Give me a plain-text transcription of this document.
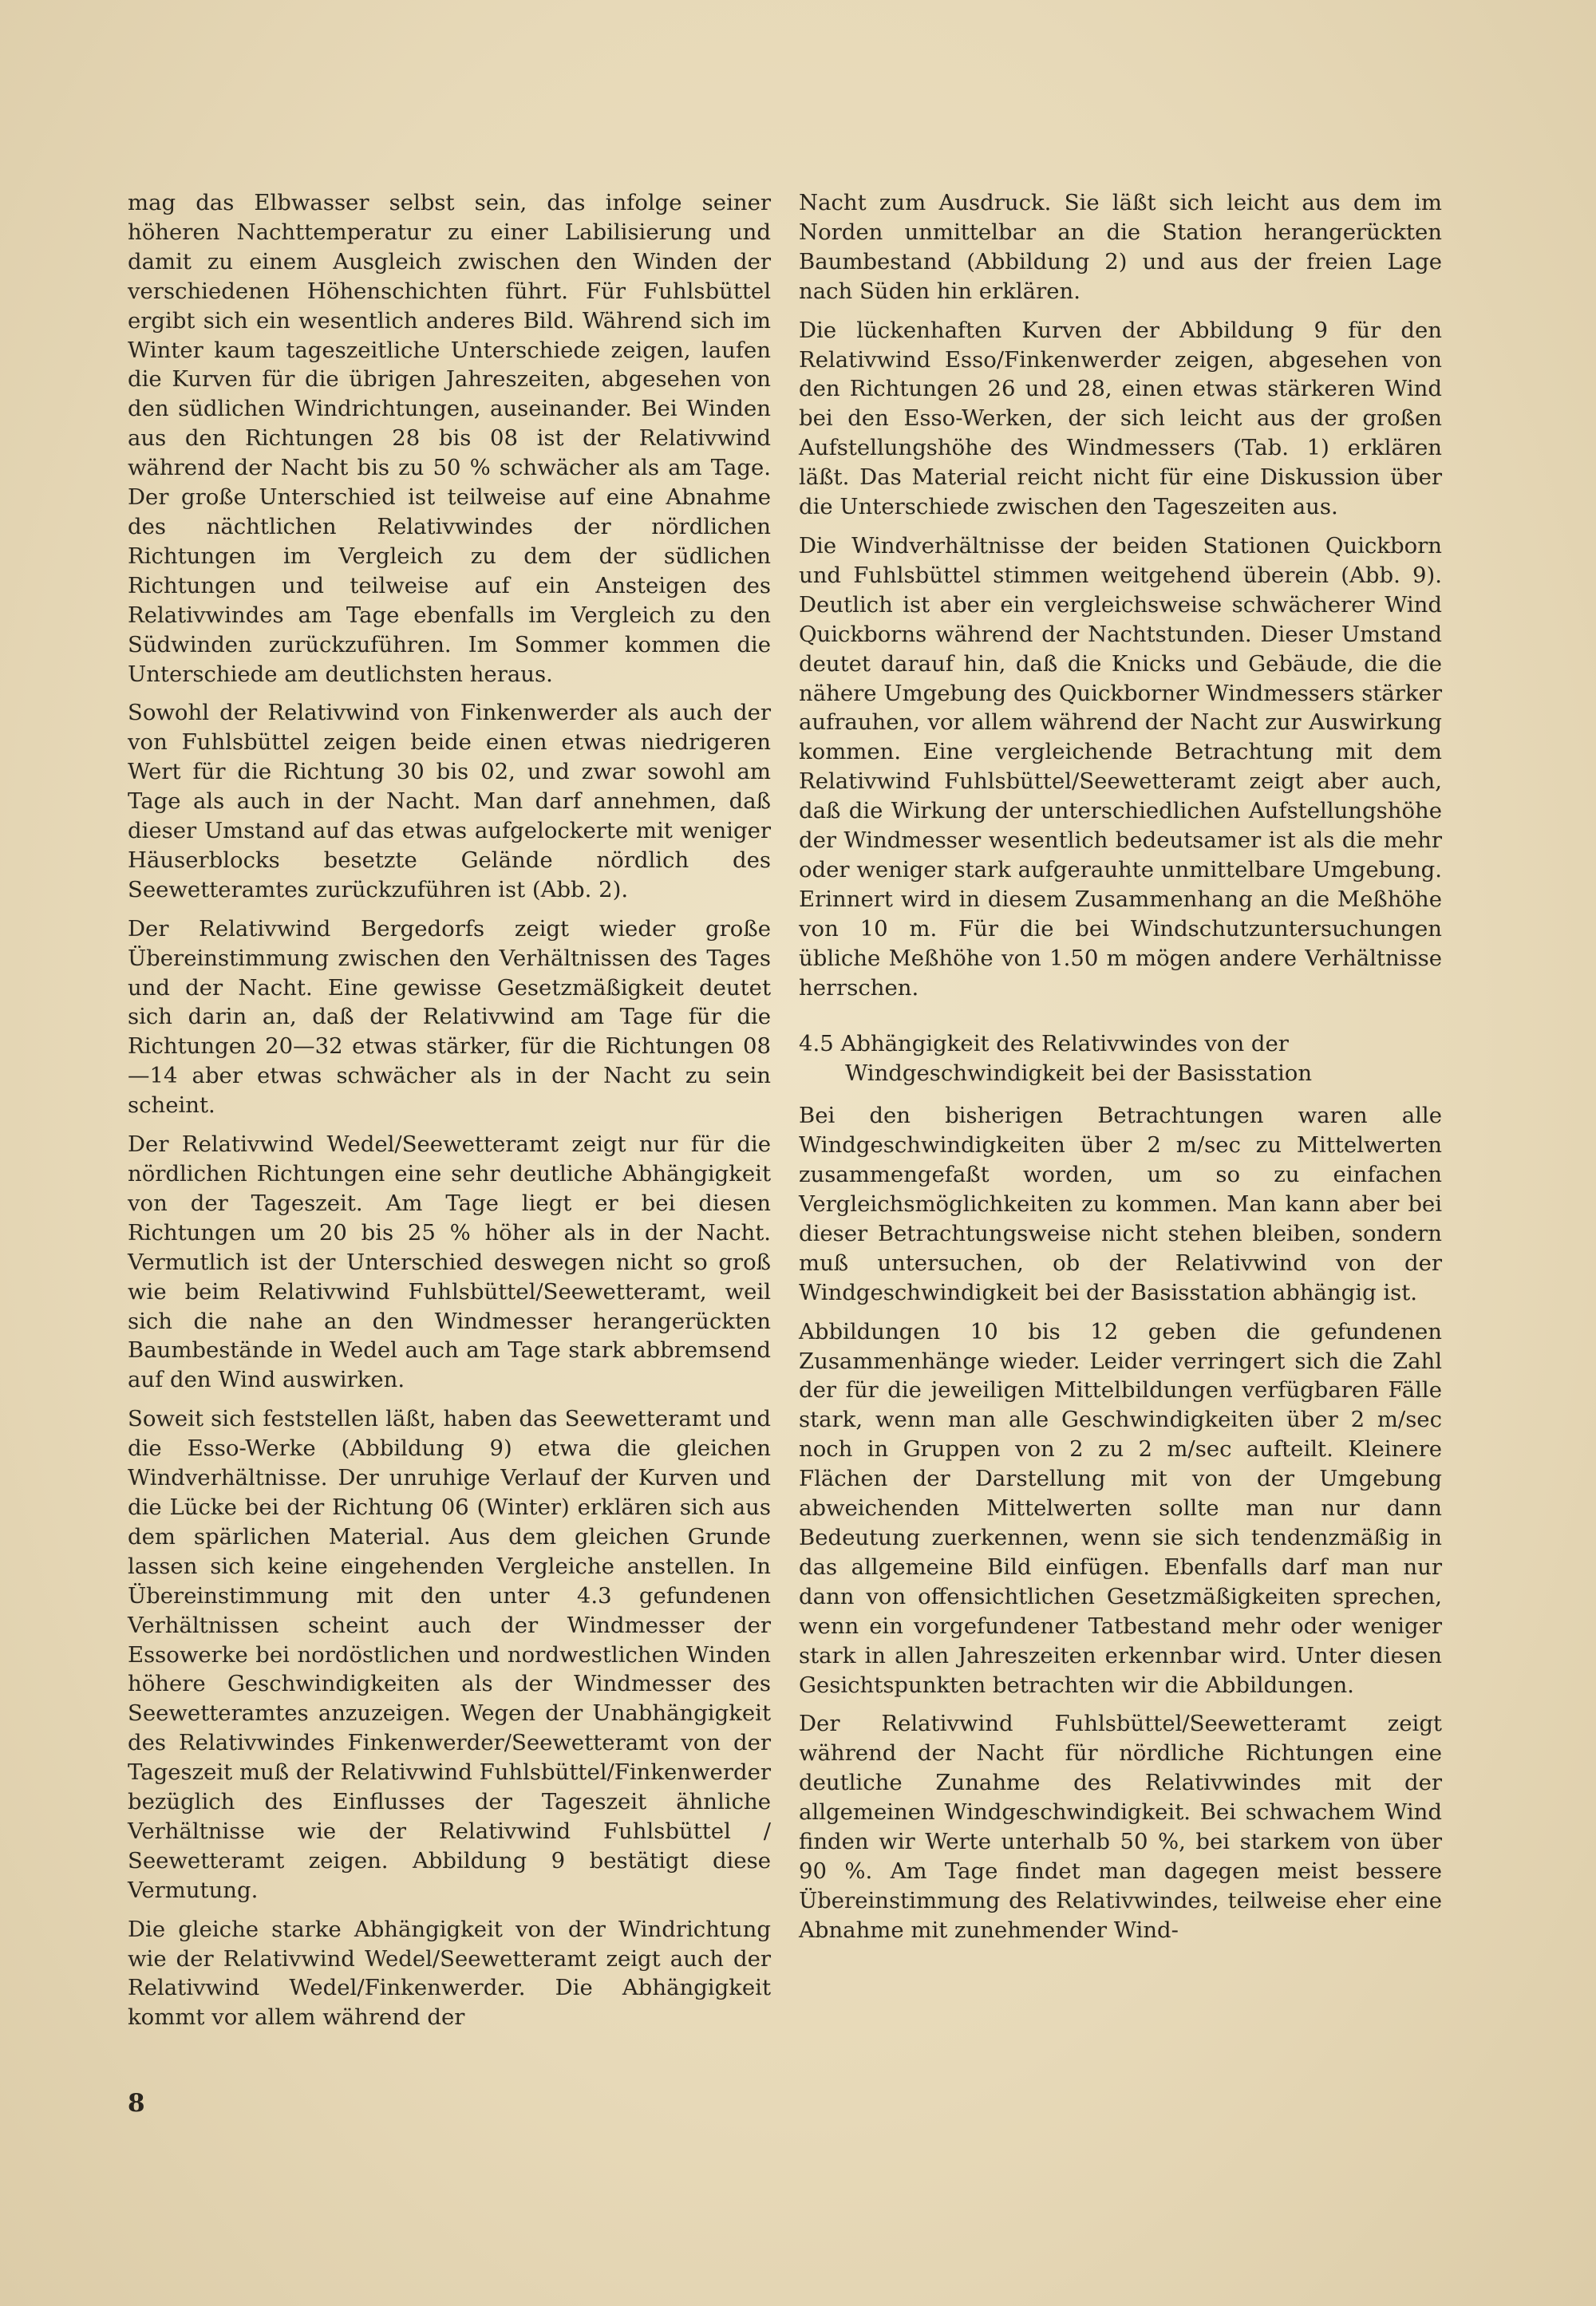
mag das Elbwasser selbst sein, das infolge seiner höheren Nachttemperatur zu einer Labilisierung und damit zu einem Ausgleich zwischen den Winden der verschiedenen Höhenschichten führt. Für Fuhlsbüttel ergibt sich ein wesentlich anderes Bild. Während sich im Winter kaum tageszeitliche Unterschiede zeigen, laufen die Kurven für die übrigen Jahreszeiten, abgesehen von den südlichen Windrichtungen, auseinander. Bei Winden aus den Richtungen 28 bis 08 ist der Relativwind während der Nacht bis zu 50 % schwächer als am Tage. Der große Unterschied ist teilweise auf eine Abnahme des nächtlichen Relativwindes der nördlichen Richtungen im Vergleich zu dem der südlichen Richtungen und teilweise auf ein Ansteigen des Relativwindes am Tage ebenfalls im Vergleich zu den Südwinden zurückzuführen. Im Sommer kommen die Unterschiede am deutlichsten heraus.

Sowohl der Relativwind von Finkenwerder als auch der von Fuhlsbüttel zeigen beide einen etwas niedrigeren Wert für die Richtung 30 bis 02, und zwar sowohl am Tage als auch in der Nacht. Man darf annehmen, daß dieser Umstand auf das etwas aufgelockerte mit weniger Häuserblocks besetzte Gelände nördlich des Seewetteramtes zurückzuführen ist (Abb. 2).

Der Relativwind Bergedorfs zeigt wieder große Übereinstimmung zwischen den Verhältnissen des Tages und der Nacht. Eine gewisse Gesetzmäßigkeit deutet sich darin an, daß der Relativwind am Tage für die Richtungen 20—32 etwas stärker, für die Richtungen 08—14 aber etwas schwächer als in der Nacht zu sein scheint.

Der Relativwind Wedel/Seewetteramt zeigt nur für die nördlichen Richtungen eine sehr deutliche Abhängigkeit von der Tageszeit. Am Tage liegt er bei diesen Richtungen um 20 bis 25 % höher als in der Nacht. Vermutlich ist der Unterschied deswegen nicht so groß wie beim Relativwind Fuhlsbüttel/Seewetteramt, weil sich die nahe an den Windmesser herangerückten Baumbestände in Wedel auch am Tage stark abbremsend auf den Wind auswirken.

Soweit sich feststellen läßt, haben das Seewetteramt und die Esso-Werke (Abbildung 9) etwa die gleichen Windverhältnisse. Der unruhige Verlauf der Kurven und die Lücke bei der Richtung 06 (Winter) erklären sich aus dem spärlichen Material. Aus dem gleichen Grunde lassen sich keine eingehenden Vergleiche anstellen. In Übereinstimmung mit den unter 4.3 gefundenen Verhältnissen scheint auch der Windmesser der Essowerke bei nordöstlichen und nordwestlichen Winden höhere Geschwindigkeiten als der Windmesser des Seewetteramtes anzuzeigen. Wegen der Unabhängigkeit des Relativwindes Finkenwerder/Seewetteramt von der Tageszeit muß der Relativwind Fuhlsbüttel/Finkenwerder bezüglich des Einflusses der Tageszeit ähnliche Verhältnisse wie der Relativwind Fuhlsbüttel / Seewetteramt zeigen. Abbildung 9 bestätigt diese Vermutung.

Die gleiche starke Abhängigkeit von der Windrichtung wie der Relativwind Wedel/Seewetteramt zeigt auch der Relativwind Wedel/Finkenwerder. Die Abhängigkeit kommt vor allem während der

Nacht zum Ausdruck. Sie läßt sich leicht aus dem im Norden unmittelbar an die Station herangerückten Baumbestand (Abbildung 2) und aus der freien Lage nach Süden hin erklären.

Die lückenhaften Kurven der Abbildung 9 für den Relativwind Esso/Finkenwerder zeigen, abgesehen von den Richtungen 26 und 28, einen etwas stärkeren Wind bei den Esso-Werken, der sich leicht aus der großen Aufstellungshöhe des Windmessers (Tab. 1) erklären läßt. Das Material reicht nicht für eine Diskussion über die Unterschiede zwischen den Tageszeiten aus.

Die Windverhältnisse der beiden Stationen Quickborn und Fuhlsbüttel stimmen weitgehend überein (Abb. 9). Deutlich ist aber ein vergleichsweise schwächerer Wind Quickborns während der Nachtstunden. Dieser Umstand deutet darauf hin, daß die Knicks und Gebäude, die die nähere Umgebung des Quickborner Windmessers stärker aufrauhen, vor allem während der Nacht zur Auswirkung kommen. Eine vergleichende Betrachtung mit dem Relativwind Fuhlsbüttel/Seewetteramt zeigt aber auch, daß die Wirkung der unterschiedlichen Aufstellungshöhe der Windmesser wesentlich bedeutsamer ist als die mehr oder weniger stark aufgerauhte unmittelbare Umgebung. Erinnert wird in diesem Zusammenhang an die Meßhöhe von 10 m. Für die bei Windschutzuntersuchungen übliche Meßhöhe von 1.50 m mögen andere Verhältnisse herrschen.

4.5 Abhängigkeit des Relativwindes von der Windgeschwindigkeit bei der Basisstation

Bei den bisherigen Betrachtungen waren alle Windgeschwindigkeiten über 2 m/sec zu Mittelwerten zusammengefaßt worden, um so zu einfachen Vergleichsmöglichkeiten zu kommen. Man kann aber bei dieser Betrachtungsweise nicht stehen bleiben, sondern muß untersuchen, ob der Relativwind von der Windgeschwindigkeit bei der Basisstation abhängig ist.

Abbildungen 10 bis 12 geben die gefundenen Zusammenhänge wieder. Leider verringert sich die Zahl der für die jeweiligen Mittelbildungen verfügbaren Fälle stark, wenn man alle Geschwindigkeiten über 2 m/sec noch in Gruppen von 2 zu 2 m/sec aufteilt. Kleinere Flächen der Darstellung mit von der Umgebung abweichenden Mittelwerten sollte man nur dann Bedeutung zuerkennen, wenn sie sich tendenzmäßig in das allgemeine Bild einfügen. Ebenfalls darf man nur dann von offensichtlichen Gesetzmäßigkeiten sprechen, wenn ein vorgefundener Tatbestand mehr oder weniger stark in allen Jahreszeiten erkennbar wird. Unter diesen Gesichtspunkten betrachten wir die Abbildungen.

Der Relativwind Fuhlsbüttel/Seewetteramt zeigt während der Nacht für nördliche Richtungen eine deutliche Zunahme des Relativwindes mit der allgemeinen Windgeschwindigkeit. Bei schwachem Wind finden wir Werte unterhalb 50 %, bei starkem von über 90 %. Am Tage findet man dagegen meist bessere Übereinstimmung des Relativwindes, teilweise eher eine Abnahme mit zunehmender Wind-

8
